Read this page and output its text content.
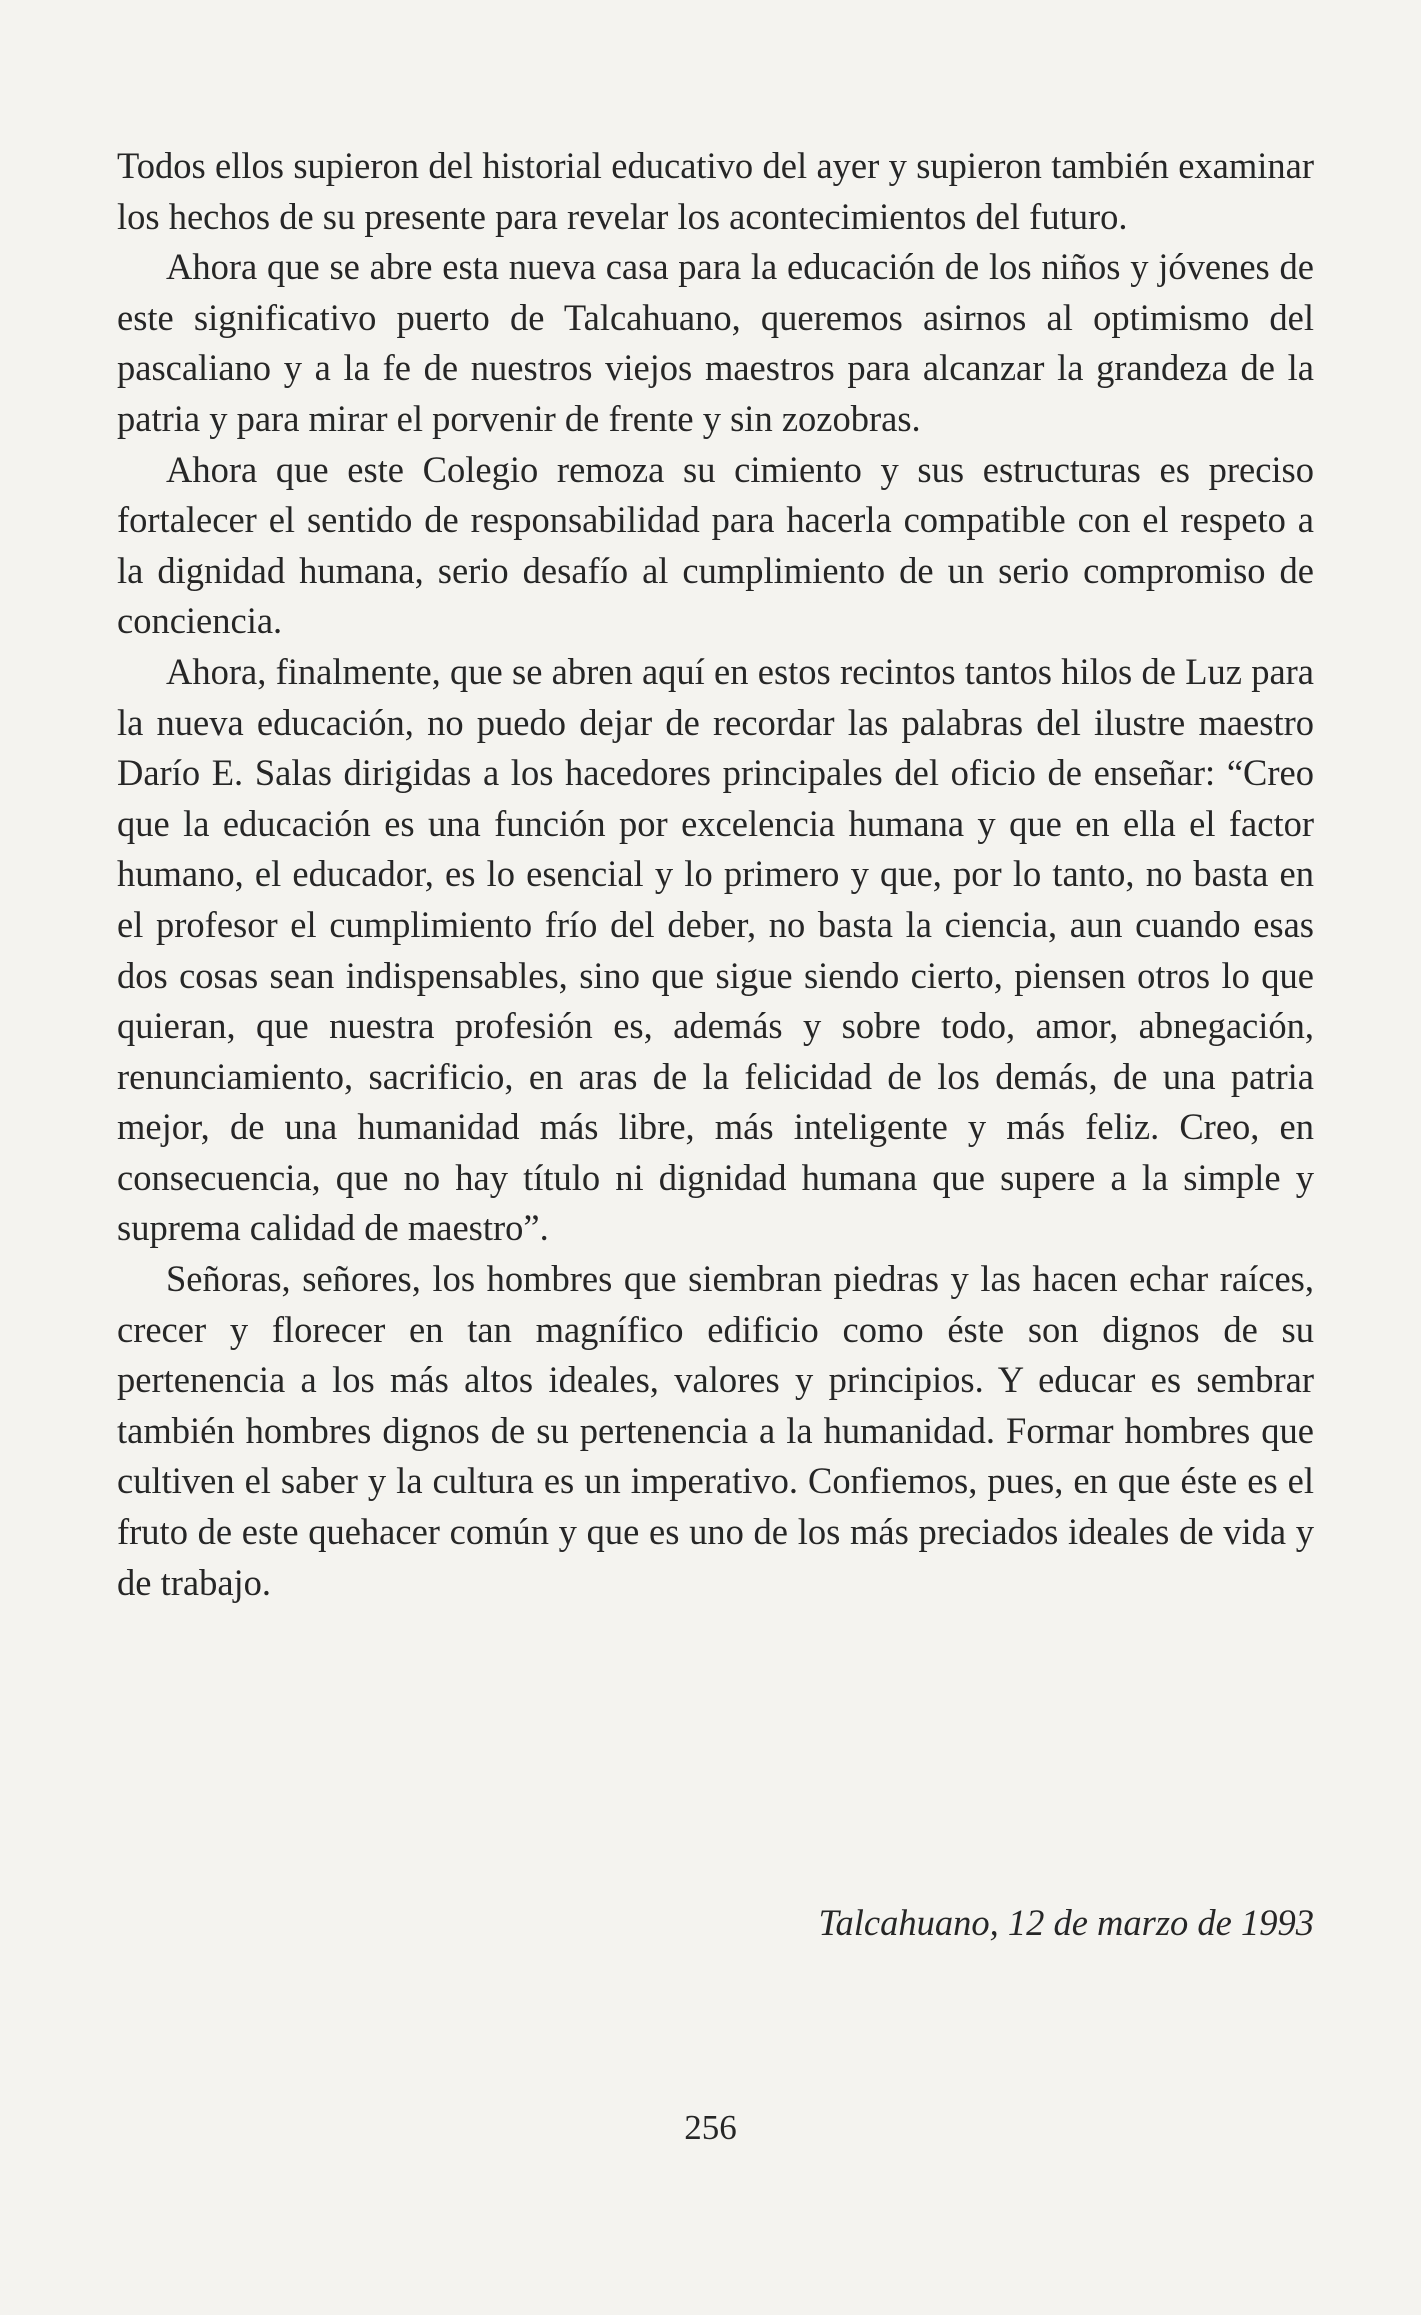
Todos ellos supieron del historial educativo del ayer y supieron también examinar los hechos de su presente para revelar los acontecimientos del futuro.

Ahora que se abre esta nueva casa para la educación de los niños y jóvenes de este significativo puerto de Talcahuano, queremos asirnos al optimismo del pascaliano y a la fe de nuestros viejos maestros para alcanzar la grandeza de la patria y para mirar el porvenir de frente y sin zozobras.

Ahora que este Colegio remoza su cimiento y sus estructuras es preciso fortalecer el sentido de responsabilidad para hacerla compatible con el respeto a la dignidad humana, serio desafío al cumplimiento de un serio compromiso de conciencia.

Ahora, finalmente, que se abren aquí en estos recintos tantos hilos de Luz para la nueva educación, no puedo dejar de recordar las palabras del ilustre maestro Darío E. Salas dirigidas a los hacedores principales del oficio de enseñar: “Creo que la educación es una función por excelencia humana y que en ella el factor humano, el educador, es lo esencial y lo primero y que, por lo tanto, no basta en el profesor el cumplimiento frío del deber, no basta la ciencia, aun cuando esas dos cosas sean indispensables, sino que sigue siendo cierto, piensen otros lo que quieran, que nuestra profesión es, además y sobre todo, amor, abnegación, renunciamiento, sacrificio, en aras de la felicidad de los demás, de una patria mejor, de una humanidad más libre, más inteligente y más feliz. Creo, en consecuencia, que no hay título ni dignidad humana que supere a la simple y suprema calidad de maestro”.

Señoras, señores, los hombres que siembran piedras y las hacen echar raíces, crecer y florecer en tan magnífico edificio como éste son dignos de su pertenencia a los más altos ideales, valores y principios. Y educar es sembrar también hombres dignos de su pertenencia a la humanidad. Formar hombres que cultiven el saber y la cultura es un imperativo. Confiemos, pues, en que éste es el fruto de este quehacer común y que es uno de los más preciados ideales de vida y de trabajo.

Talcahuano, 12 de marzo de 1993
256
